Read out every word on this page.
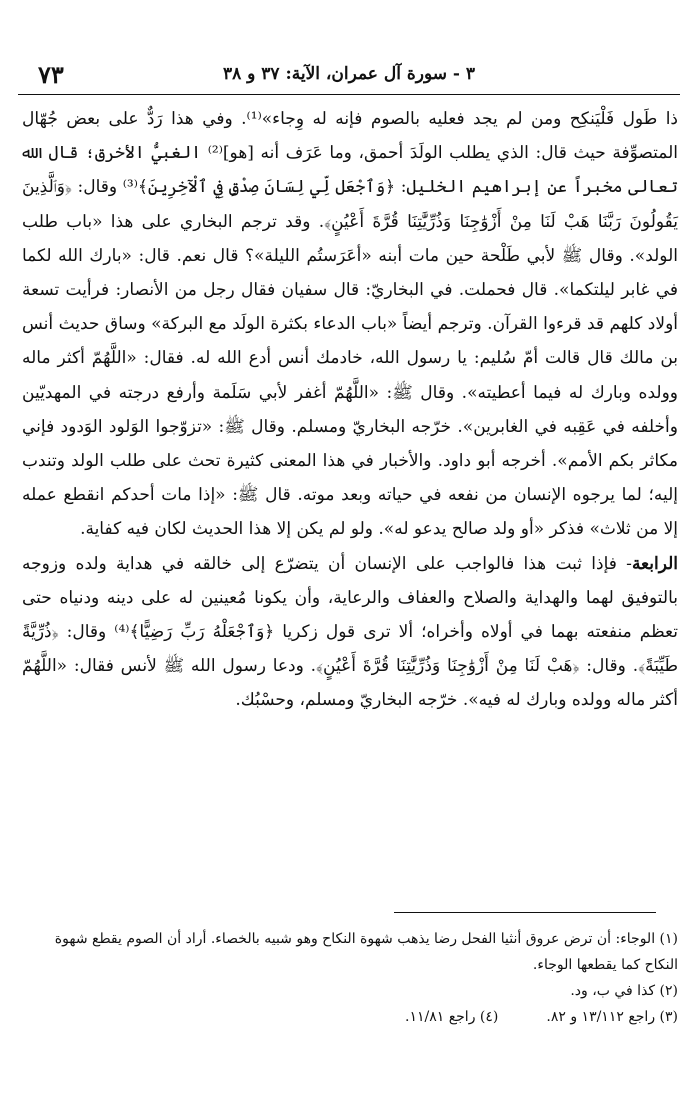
٧٣	٣ - سورة آل عمران، الآية: ٣٧ و ٣٨

ذا طَول فَلْيَنكِح ومن لم يجد فعليه بالصوم فإنه له وِجاء»⁽¹⁾. وفي هذا رَدٌّ على بعض جُهّال المتصوِّفة حيث قال: الذي يطلب الولَدَ أحمق، وما عَرَف أنه [هو]⁽²⁾ الغبيُّ الأخرق؛ قال الله تعالى مخبراً عن إبراهيم الخليل: ﴿وَٱجْعَل لِّي لِسَانَ صِدْقٍ فِي ٱلْآخِرِينَ﴾⁽³⁾ وقال: ﴿وَٱلَّذِينَ يَقُولُونَ رَبَّنَا هَبْ لَنَا مِنْ أَزْوَٰجِنَا وَذُرِّيَّٰتِنَا قُرَّةَ أَعْيُنٍ﴾. وقد ترجم البخاري على هذا «باب طلب الولد». وقال ﷺ لأبي طَلْحة حين مات أبنه «أعَرَستُم الليلة»؟ قال نعم. قال: «بارك الله لكما في غابر ليلتكما». قال فحملت. في البخاريّ: قال سفيان فقال رجل من الأنصار: فرأيت تسعة أولاد كلهم قد قرءوا القرآن. وترجم أيضاً «باب الدعاء بكثرة الولَد مع البركة» وساق حديث أنس بن مالك قال قالت أمّ سُليم: يا رسول الله، خادمك أنس أدع الله له. فقال: «اللَّهُمّ أكثر ماله وولده وبارك له فيما أعطيته». وقال ﷺ: «اللَّهُمّ أغفر لأبي سَلَمة وأرفع درجته في المهديّين وأخلفه في عَقِبه في الغابرين». خرّجه البخاريّ ومسلم. وقال ﷺ: «تزوّجوا الوَلود الوَدود فإني مكاثر بكم الأمم». أخرجه أبو داود. والأخبار في هذا المعنى كثيرة تحث على طلب الولد وتندب إليه؛ لما يرجوه الإنسان من نفعه في حياته وبعد موته. قال ﷺ: «إذا مات أحدكم انقطع عمله إلا من ثلاث» فذكر «أو ولد صالح يدعو له». ولو لم يكن إلا هذا الحديث لكان فيه كفاية.

الرابعة- فإذا ثبت هذا فالواجب على الإنسان أن يتضرّع إلى خالقه في هداية ولده وزوجه بالتوفيق لهما والهداية والصلاح والعفاف والرعاية، وأن يكونا مُعينين له على دينه ودنياه حتى تعظم منفعته بهما في أولاه وأخراه؛ ألا ترى قول زكريا ﴿وَٱجْعَلْهُ رَبِّ رَضِيًّا﴾⁽⁴⁾ وقال: ﴿ذُرِّيَّةً طَيِّبَةً﴾. وقال: ﴿هَبْ لَنَا مِنْ أَزْوَٰجِنَا وَذُرِّيَّٰتِنَا قُرَّةَ أَعْيُنٍ﴾. ودعا رسول الله ﷺ لأنس فقال: «اللَّهُمّ أكثر ماله وولده وبارك له فيه». خرّجه البخاريّ ومسلم، وحسْبُك.

(١) الوجاء: أن ترض عروق أنثيا الفحل رضا يذهب شهوة النكاح وهو شبيه بالخصاء. أراد أن الصوم يقطع شهوة النكاح كما يقطعها الوجاء.

(٢) كذا في ب، ود.

(٣) راجع ١٣/١١٢ و ٨٢.
(٤) راجع ١١/٨١.
